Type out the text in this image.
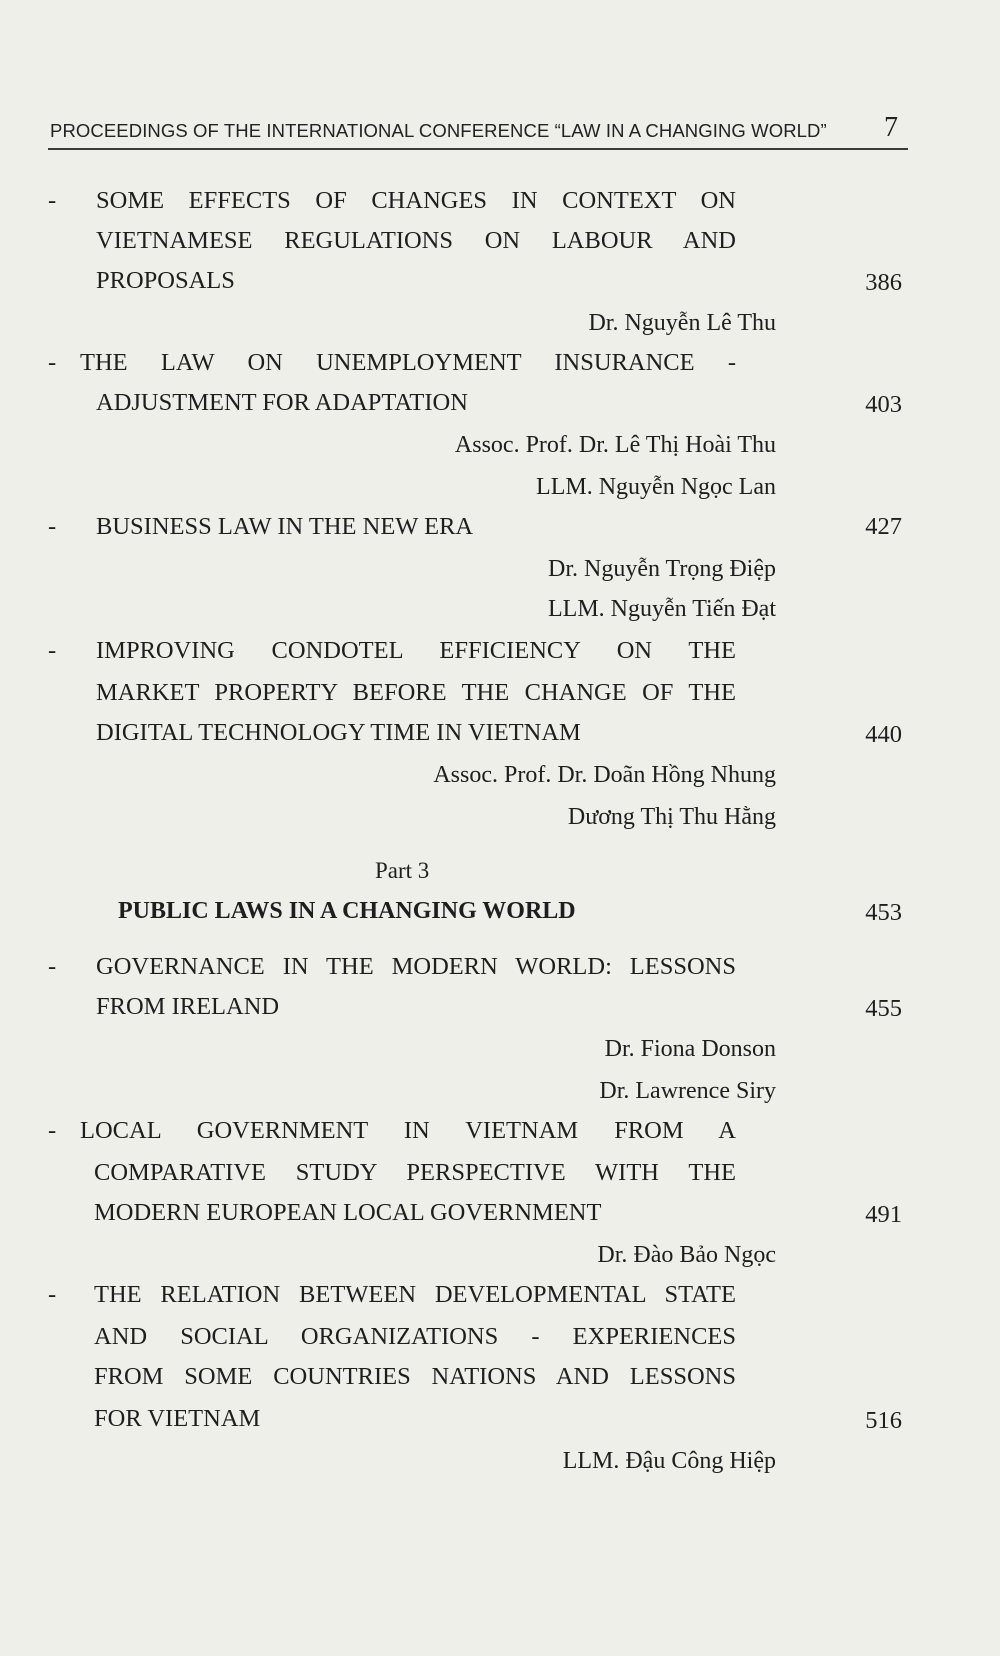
PROCEEDINGS OF THE INTERNATIONAL CONFERENCE “LAW IN A CHANGING WORLD” 7
- SOME EFFECTS OF CHANGES IN CONTEXT ON
VIETNAMESE REGULATIONS ON LABOUR AND
PROPOSALS	386
Dr. Nguyễn Lê Thu
- THE LAW ON UNEMPLOYMENT INSURANCE -
ADJUSTMENT FOR ADAPTATION	403
Assoc. Prof. Dr. Lê Thị Hoài Thu
LLM. Nguyễn Ngọc Lan
- BUSINESS LAW IN THE NEW ERA	427
Dr. Nguyễn Trọng Điệp
LLM. Nguyễn Tiến Đạt
- IMPROVING CONDOTEL EFFICIENCY ON THE
MARKET PROPERTY BEFORE THE CHANGE OF THE
DIGITAL TECHNOLOGY TIME IN VIETNAM	440
Assoc. Prof. Dr. Doãn Hồng Nhung
Dương Thị Thu Hằng
Part 3
PUBLIC LAWS IN A CHANGING WORLD	453
- GOVERNANCE IN THE MODERN WORLD: LESSONS
FROM IRELAND	455
Dr. Fiona Donson
Dr. Lawrence Siry
- LOCAL GOVERNMENT IN VIETNAM FROM A
COMPARATIVE STUDY PERSPECTIVE WITH THE
MODERN EUROPEAN LOCAL GOVERNMENT	491
Dr. Đào Bảo Ngọc
- THE RELATION BETWEEN DEVELOPMENTAL STATE
AND SOCIAL ORGANIZATIONS - EXPERIENCES
FROM SOME COUNTRIES NATIONS AND LESSONS
FOR VIETNAM	516
LLM. Đậu Công Hiệp
